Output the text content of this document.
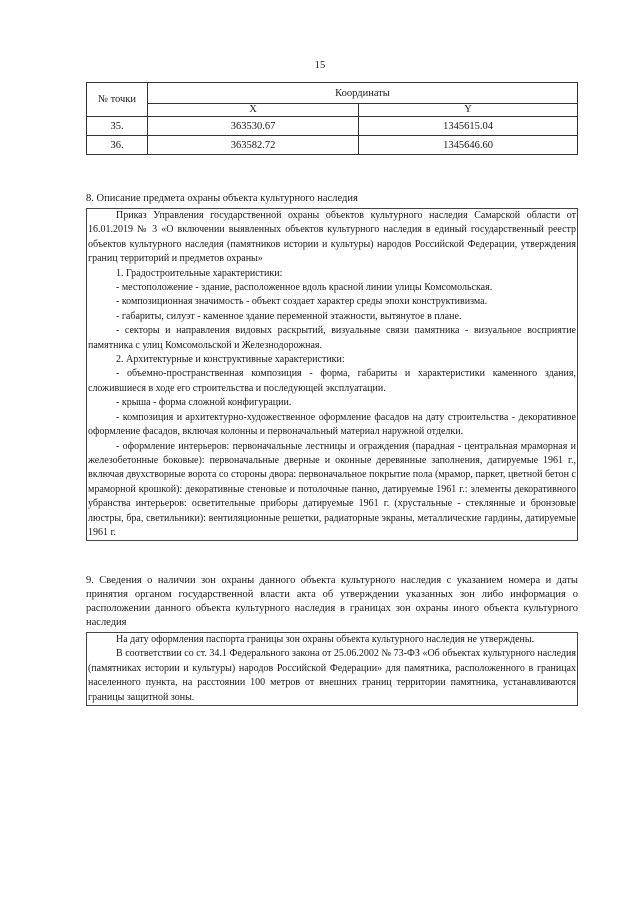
15
№ точки	Координаты	
	X	Y
35.	363530.67	1345615.04
36.	363582.72	1345646.60

8. Описание предмета охраны объекта культурного наследия

Приказ Управления государственной охраны объектов культурного наследия Самарской области от 16.01.2019 № 3 «О включении выявленных объектов культурного наследия в единый государственный реестр объектов культурного наследия (памятников истории и культуры) народов Российской Федерации, утверждения границ территорий и предметов охраны»

1. Градостроительные характеристики:

- местоположение - здание, расположенное вдоль красной линии улицы Комсомольская.

- композиционная значимость - объект создает характер среды эпохи конструктивизма.

- габариты, силуэт - каменное здание переменной этажности, вытянутое в плане.

- секторы и направления видовых раскрытий, визуальные связи памятника - визуальное восприятие памятника с улиц Комсомольской и Железнодорожная.

2. Архитектурные и конструктивные характеристики:

- объемно-пространственная композиция - форма, габариты и характеристики каменного здания, сложившиеся в ходе его строительства и последующей эксплуатации.

- крыша - форма сложной конфигурации.

- композиция и архитектурно-художественное оформление фасадов на дату строительства - декоративное оформление фасадов, включая колонны и первоначальный материал наружной отделки.

- оформление интерьеров: первоначальные лестницы и ограждения (парадная - центральная мраморная и железобетонные боковые): первоначальные дверные и оконные деревянные заполнения, датируемые 1961 г., включая двухстворные ворота со стороны двора: первоначальное покрытие пола (мрамор, паркет, цветной бетон с мраморной крошкой): декоративные стеновые и потолочные панно, датируемые 1961 г.: элементы декоративного убранства интерьеров: осветительные приборы датируемые 1961 г. (хрустальные - стеклянные и бронзовые люстры, бра, светильники): вентиляционные решетки, радиаторные экраны, металлические гардины, датируемые 1961 г.

9. Сведения о наличии зон охраны данного объекта культурного наследия с указанием номера и даты принятия органом государственной власти акта об утверждении указанных зон либо информация о расположении данного объекта культурного наследия в границах зон охраны иного объекта культурного наследия

На дату оформления паспорта границы зон охраны объекта культурного наследия не утверждены.

В соответствии со ст. 34.1 Федерального закона от 25.06.2002 № 73-ФЗ «Об объектах культурного наследия (памятниках истории и культуры) народов Российской Федерации» для памятника, расположенного в границах населенного пункта, на расстоянии 100 метров от внешних границ территории памятника, устанавливаются границы защитной зоны.
